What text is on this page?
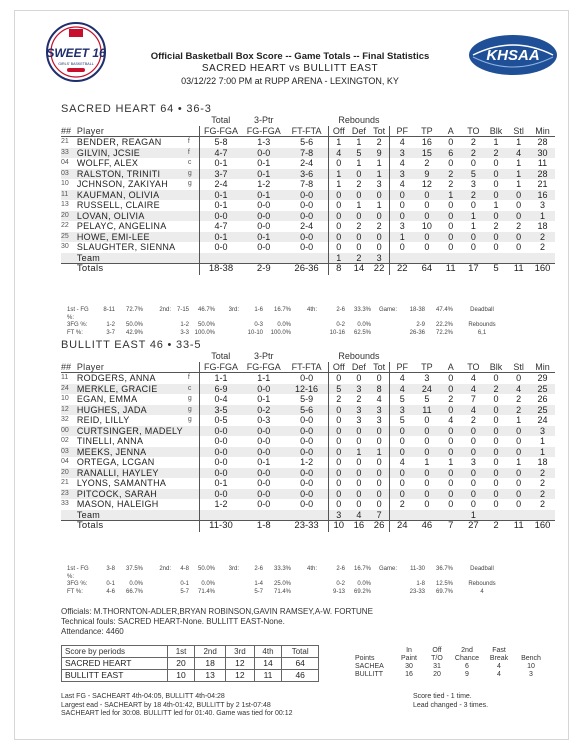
SWEET 16
GIRLS' BASKETBALL
Official Basketball Box Score -- Game Totals -- Final Statistics
SACRED HEART vs BULLITT EAST
03/12/22 7:00 PM at RUPP ARENA - LEXINGTON, KY
KHSAA
SACRED HEART 64 • 36-3
			Total	3-Ptr		Rebounds									
##	Player		FG-FGA	FG-FGA	FT-FTA	Off	Def	Tot	PF	TP	A	TO	Blk	Stl	Min
21	BENDER, REAGAN	f	5-8	1-3	5-6	1	1	2	4	16	0	2	1	1	28
33	GILVIN, JCSIE	f	4-7	0-0	7-8	4	5	9	3	15	6	2	2	4	30
04	WOLFF, ALEX	c	0-1	0-1	2-4	0	1	1	4	2	0	0	0	1	11
03	RALSTON, TRINITI	g	3-7	0-1	3-6	1	0	1	3	9	2	5	0	1	28
10	JCHNSON, ZAKIYAH	g	2-4	1-2	7-8	1	2	3	4	12	2	3	0	1	21
11	KAUFMAN, OLIVIA		0-1	0-1	0-0	0	0	0	0	0	1	2	0	0	16
13	RUSSELL, CLAIRE		0-1	0-0	0-0	0	1	1	0	0	0	0	1	0	3
20	LOVAN, OLIVIA		0-0	0-0	0-0	0	0	0	0	0	0	1	0	0	1
22	PELAYC, ANGELINA		4-7	0-0	2-4	0	2	2	3	10	0	1	2	2	18
25	HOWE, EMI-LEE		0-1	0-1	0-0	0	0	0	1	0	0	0	0	0	2
30	SLAUGHTER, SIENNA		0-0	0-0	0-0	0	0	0	0	0	0	0	0	0	2
	Team					1	2	3							
	Totals		18-38	2-9	26-36	8	14	22	22	64	11	17	5	11	160
1st - FG %:
8-11	72.7%	2nd: 7-15	46.7%	3rd:	1-6	16.7%	4th:	2-6	33.3%	Game:	18-38	47.4%	Deadball
3FG %:	1-2	50.0%	1-2	50.0%	0-3	0.0%	0-2	0.0%	2-9	22.2%	Rebounds
FT %:	3-7	42.9%	3-3 100.0%	10-10	100.0%	10-16	62.5%	26-36	72.2%	6,1
BULLITT EAST 46 • 33-5
			Total	3-Ptr		Rebounds									
##	Player		FG-FGA	FG-FGA	FT-FTA	Off	Def	Tot	PF	TP	A	TO	Blk	Stl	Min
11	RODGERS, ANNA	f	1-1	1-1	0-0	0	0	0	4	3	0	4	0	0	29
24	MERKLE, GRACIE	c	6-9	0-0	12-16	5	3	8	4	24	0	4	2	4	25
10	EGAN, EMMA	g	0-4	0-1	5-9	2	2	4	5	5	2	7	0	2	26
12	HUGHES, JADA	g	3-5	0-2	5-6	0	3	3	3	11	0	4	0	2	25
32	REID, LILLY	g	0-5	0-3	0-0	0	3	3	5	0	4	2	0	1	24
00	CURTSINGER, MADELY		0-0	0-0	0-0	0	0	0	0	0	0	0	0	0	3
02	TINELLI, ANNA		0-0	0-0	0-0	0	0	0	0	0	0	0	0	0	1
03	MEEKS, JENNA		0-0	0-0	0-0	0	1	1	0	0	0	0	0	0	1
04	ORTEGA, LCGAN		0-0	0-1	1-2	0	0	0	4	1	1	3	0	1	18
20	RANALLI, HAYLEY		0-0	0-0	0-0	0	0	0	0	0	0	0	0	0	2
21	LYONS, SAMANTHA		0-1	0-0	0-0	0	0	0	0	0	0	0	0	0	2
23	PITCOCK, SARAH		0-0	0-0	0-0	0	0	0	0	0	0	0	0	0	2
33	MASON, HALEIGH		1-2	0-0	0-0	0	0	0	2	0	0	0	0	0	2
	Team					3	4	7				1			
	Totals		11-30	1-8	23-33	10	16	26	24	46	7	27	2	11	160
1st - FG %:
3-8	37.5%	2nd:	4-8	50.0%	3rd:	2-6	33.3%	4th:	2-6	16.7%	Game:	11-30	36.7%	Deadball
3FG %:	0-1	0.0%	0-1	0.0%	1-4	25.0%	0-2	0.0%	1-8	12.5%	Rebounds
FT %:	4-6	66.7%	5-7	71.4%	5-7	71.4%	9-13	69.2%	23-33	69.7%	4
Officials: M.THORNTON-ADLER,BRYAN ROBINSON,GAVIN RAMSEY,A-W. FORTUNE
Technical fouls: SACRED HEART-None. BULLITT EAST-None.
Attendance: 4460
Score by periods	1st	2nd	3rd	4th	Total
SACRED HEART	20	18	12	14	64
BULLITT EAST	10	13	12	11	46
In	Off	2nd	Fast
Points	Paint	T/O	Chance	Break	Bench
SACHEA	30	31	6	4	10
BULLITT	16	20	9	4	3
Last FG - SACHEART 4th-04:05, BULLITT 4th-04:28
Largest ead - SACHEART by 18 4th-01:42, BULLITT by 2 1st-07:48
SACHEART led for 30:08. BULLITT led for 01:40. Game was tied for 00:12
Score tied - 1 time.
Lead changed - 3 times.
